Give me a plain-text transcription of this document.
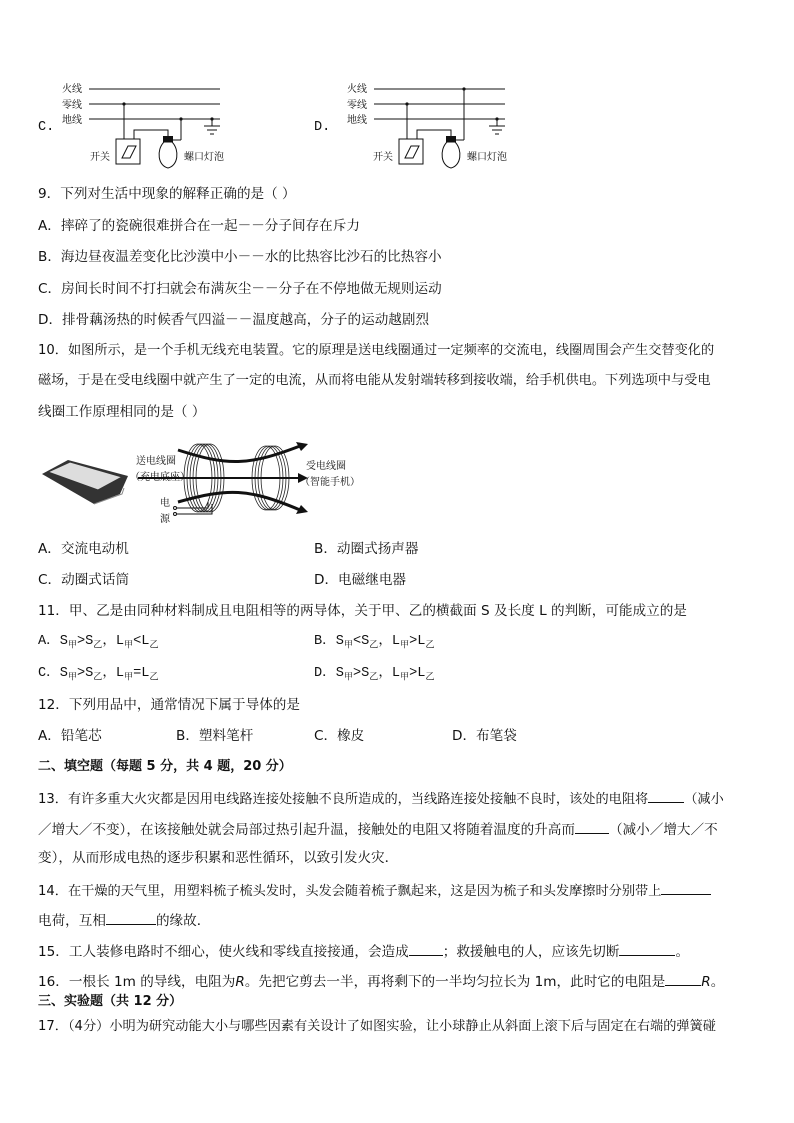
C.
火线
零线
地线
开关	螺口灯泡
D.
火线
零线
地线
开关	螺口灯泡
9．下列对生活中现象的解释正确的是（ ）
A．摔碎了的瓷碗很难拼合在一起－－分子间存在斥力
B．海边昼夜温差变化比沙漠中小－－水的比热容比沙石的比热容小
C．房间长时间不打扫就会布满灰尘－－分子在不停地做无规则运动
D．排骨藕汤热的时候香气四溢－－温度越高，分子的运动越剧烈
10．如图所示，是一个手机无线充电装置。它的原理是送电线圈通过一定频率的交流电，线圈周围会产生交替变化的
磁场，于是在受电线圈中就产生了一定的电流，从而将电能从发射端转移到接收端，给手机供电。下列选项中与受电
线圈工作原理相同的是（ ）
送电线圈
（充电底座）
受电线圈
（智能手机）
电
源
A．交流电动机	B．动圈式扬声器
C．动圈式话筒	D．电磁继电器
11．甲、乙是由同种材料制成且电阻相等的两导体，关于甲、乙的横截面 S 及长度 L 的判断，可能成立的是
A．$S_甲>S_乙$，$L_甲<L_乙$	B．$S_甲<S_乙$，$L_甲>L_乙$
C．$S_甲>S_乙$，$L_甲=L_乙$	D．$S_甲>S_乙$，$L_甲>L_乙$
12．下列用品中，通常情况下属于导体的是
A．铅笔芯	B．塑料笔杆	C．橡皮	D．布笔袋
二、填空题（每题 5 分，共 4 题，20 分）
13．有许多重大火灾都是因用电线路连接处接触不良所造成的，当线路连接处接触不良时，该处的电阻将	（减小
／增大／不变），在该接触处就会局部过热引起升温，接触处的电阻又将随着温度的升高而	（减小／增大／不
变），从而形成电热的逐步积累和恶性循环，以致引发火灾．
14．在干燥的天气里，用塑料梳子梳头发时，头发会随着梳子飘起来，这是因为梳子和头发摩擦时分别带上
电荷，互相	的缘故．
15．工人装修电路时不细心，使火线和零线直接接通，会造成	；救援触电的人，应该先切断	。
16．一根长 1m 的导线，电阻为R。先把它剪去一半，再将剩下的一半均匀拉长为 1m，此时它的电阻是	R。
三、实验题（共 12 分）
17．（4分）小明为研究动能大小与哪些因素有关设计了如图实验，让小球静止从斜面上滚下后与固定在右端的弹簧碰
